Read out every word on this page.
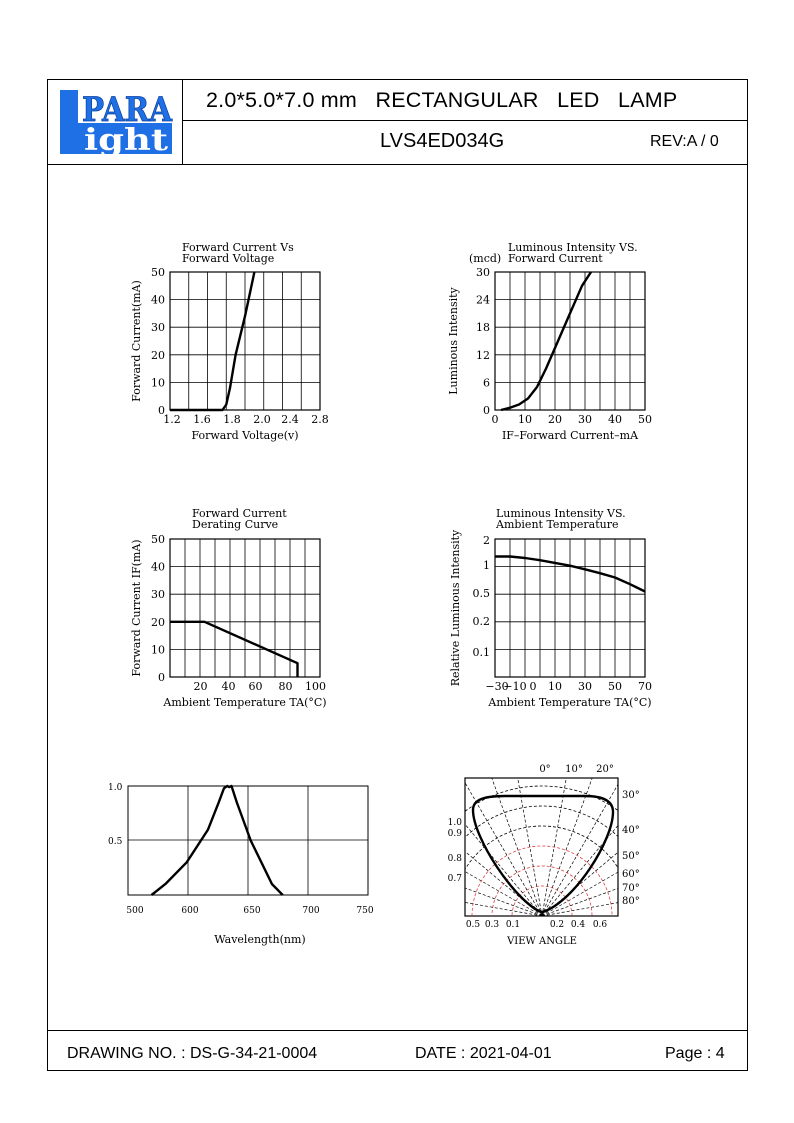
PARA
ight
2.0*5.0*7.0 mm   RECTANGULAR   LED   LAMP
LVS4ED034G	REV:A / 0
DRAWING NO. : DS-G-34-21-0004	DATE : 2021-04-01	Page : 4
Forward Current Vs
Forward Voltage
Forward Voltage(v)
Forward Current(mA)
0
10
20
30
40
50
1.2 1.6 1.8 2.0 2.4 2.8
Luminous Intensity VS.
Forward Current
(mcd)
IF–Forward Current–mA
Luminous Intensity
0
6
12
18
24
30
0 10 20 30 40 50
Forward Current
Derating Curve
Ambient Temperature TA(°C)
Forward Current IF(mA)
0
10
20
30
40
50
20 40 60 80 100
Luminous Intensity VS.
Ambient Temperature
Ambient Temperature TA(°C)
Relative Luminous Intensity 0.1
0.2
0.5
1
2
−30
−10 0 10 30 50 70
1.0
0.5
500	600	650	700	750
Wavelength(nm)
0° 10° 20°
30°
40°
50°
60°
70°
80°
1.0
0.9
0.8
0.7
0.5 0.3 0.1	0.2 0.4 0.6
VIEW ANGLE
